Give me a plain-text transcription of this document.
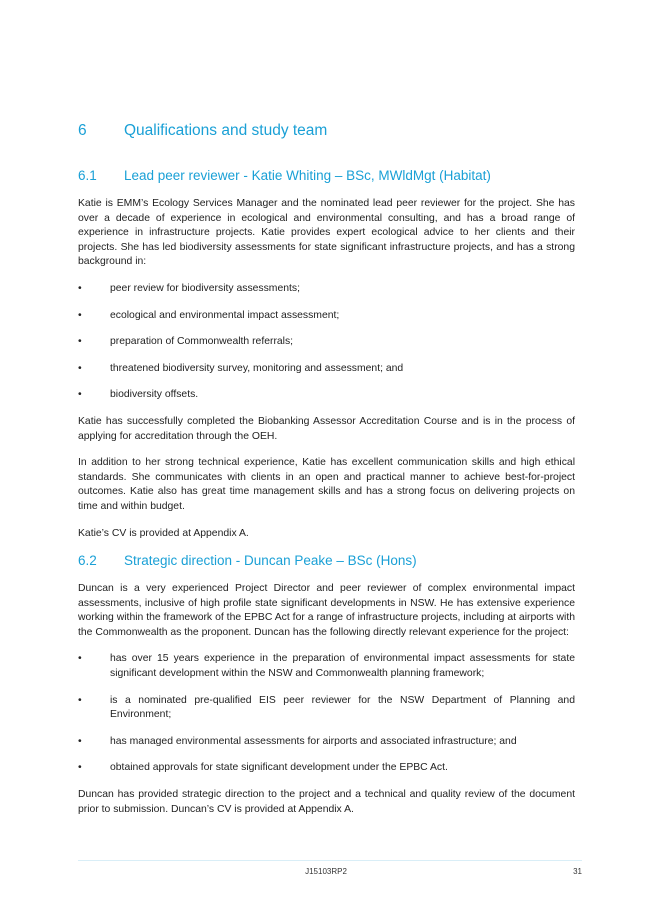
6	Qualifications and study team
6.1	Lead peer reviewer - Katie Whiting – BSc, MWldMgt (Habitat)

Katie is EMM’s Ecology Services Manager and the nominated lead peer reviewer for the project. She has over a decade of experience in ecological and environmental consulting, and has a broad range of experience in infrastructure projects. Katie provides expert ecological advice to her clients and their projects. She has led biodiversity assessments for state significant infrastructure projects, and has a strong background in:

•	peer review for biodiversity assessments;
•	ecological and environmental impact assessment;
•	preparation of Commonwealth referrals;
•	threatened biodiversity survey, monitoring and assessment; and
•	biodiversity offsets.

Katie has successfully completed the Biobanking Assessor Accreditation Course and is in the process of applying for accreditation through the OEH.

In addition to her strong technical experience, Katie has excellent communication skills and high ethical standards. She communicates with clients in an open and practical manner to achieve best-for-project outcomes. Katie also has great time management skills and has a strong focus on delivering projects on time and within budget.

Katie’s CV is provided at Appendix A.

6.2	Strategic direction - Duncan Peake – BSc (Hons)

Duncan is a very experienced Project Director and peer reviewer of complex environmental impact assessments, inclusive of high profile state significant developments in NSW. He has extensive experience working within the framework of the EPBC Act for a range of infrastructure projects, including at airports with the Commonwealth as the proponent. Duncan has the following directly relevant experience for the project:

•	has over 15 years experience in the preparation of environmental impact assessments for state significant development within the NSW and Commonwealth planning framework;
•	is a nominated pre-qualified EIS peer reviewer for the NSW Department of Planning and Environment;
•	has managed environmental assessments for airports and associated infrastructure; and
•	obtained approvals for state significant development under the EPBC Act.

Duncan has provided strategic direction to the project and a technical and quality review of the document prior to submission. Duncan’s CV is provided at Appendix A.

J15103RP2	31
